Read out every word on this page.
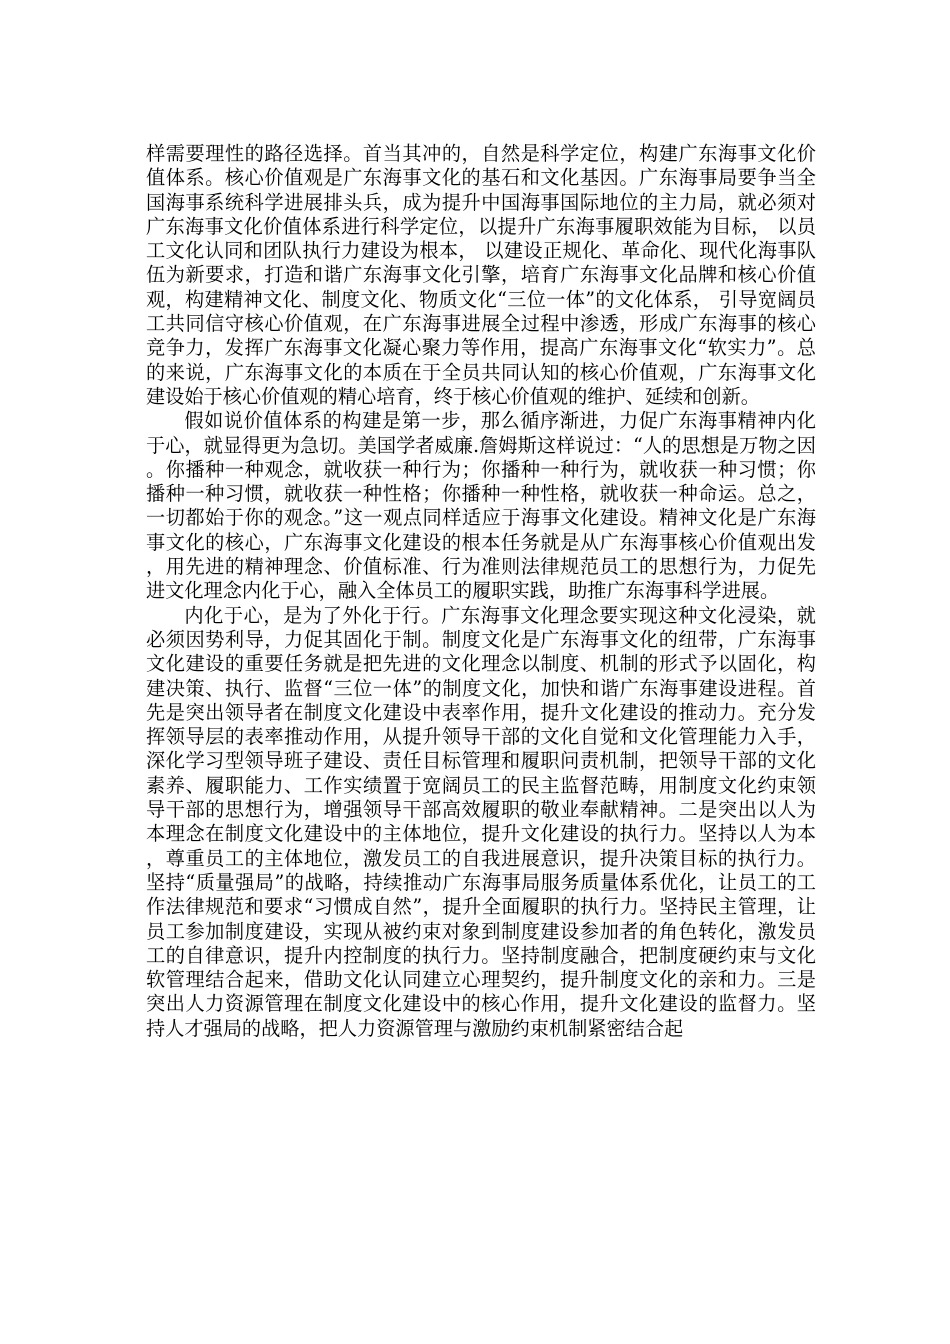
样需要理性的路径选择。首当其冲的，自然是科学定位，构建广东海事文化价值体系。核心价值观是广东海事文化的基石和文化基因。广东海事局要争当全国海事系统科学进展排头兵，成为提升中国海事国际地位的主力局，就必须对广东海事文化价值体系进行科学定位，以提升广东海事履职效能为目标， 以员工文化认同和团队执行力建设为根本， 以建设正规化、革命化、现代化海事队伍为新要求，打造和谐广东海事文化引擎，培育广东海事文化品牌和核心价值观，构建精神文化、制度文化、物质文化“三位一体”的文化体系， 引导宽阔员工共同信守核心价值观，在广东海事进展全过程中渗透，形成广东海事的核心竞争力，发挥广东海事文化凝心聚力等作用，提高广东海事文化“软实力”。总的来说，广东海事文化的本质在于全员共同认知的核心价值观，广东海事文化建设始于核心价值观的精心培育，终于核心价值观的维护、延续和创新。

假如说价值体系的构建是第一步，那么循序渐进，力促广东海事精神内化于心，就显得更为急切。美国学者威廉.詹姆斯这样说过：“人的思想是万物之因。你播种一种观念，就收获一种行为；你播种一种行为，就收获一种习惯；你播种一种习惯，就收获一种性格；你播种一种性格，就收获一种命运。总之，一切都始于你的观念。”这一观点同样适应于海事文化建设。精神文化是广东海事文化的核心，广东海事文化建设的根本任务就是从广东海事核心价值观出发，用先进的精神理念、价值标准、行为准则法律规范员工的思想行为，力促先进文化理念内化于心，融入全体员工的履职实践，助推广东海事科学进展。

内化于心，是为了外化于行。广东海事文化理念要实现这种文化浸染，就必须因势利导，力促其固化于制。制度文化是广东海事文化的纽带，广东海事文化建设的重要任务就是把先进的文化理念以制度、机制的形式予以固化，构建决策、执行、监督“三位一体”的制度文化，加快和谐广东海事建设进程。首先是突出领导者在制度文化建设中表率作用，提升文化建设的推动力。充分发挥领导层的表率推动作用，从提升领导干部的文化自觉和文化管理能力入手，深化学习型领导班子建设、责任目标管理和履职问责机制，把领导干部的文化素养、履职能力、工作实绩置于宽阔员工的民主监督范畴，用制度文化约束领导干部的思想行为，增强领导干部高效履职的敬业奉献精神。二是突出以人为本理念在制度文化建设中的主体地位，提升文化建设的执行力。坚持以人为本，尊重员工的主体地位，激发员工的自我进展意识，提升决策目标的执行力。坚持“质量强局”的战略，持续推动广东海事局服务质量体系优化，让员工的工作法律规范和要求“习惯成自然”，提升全面履职的执行力。坚持民主管理，让员工参加制度建设，实现从被约束对象到制度建设参加者的角色转化，激发员工的自律意识，提升内控制度的执行力。坚持制度融合，把制度硬约束与文化软管理结合起来，借助文化认同建立心理契约，提升制度文化的亲和力。三是突出人力资源管理在制度文化建设中的核心作用，提升文化建设的监督力。坚持人才强局的战略，把人力资源管理与激励约束机制紧密结合起
